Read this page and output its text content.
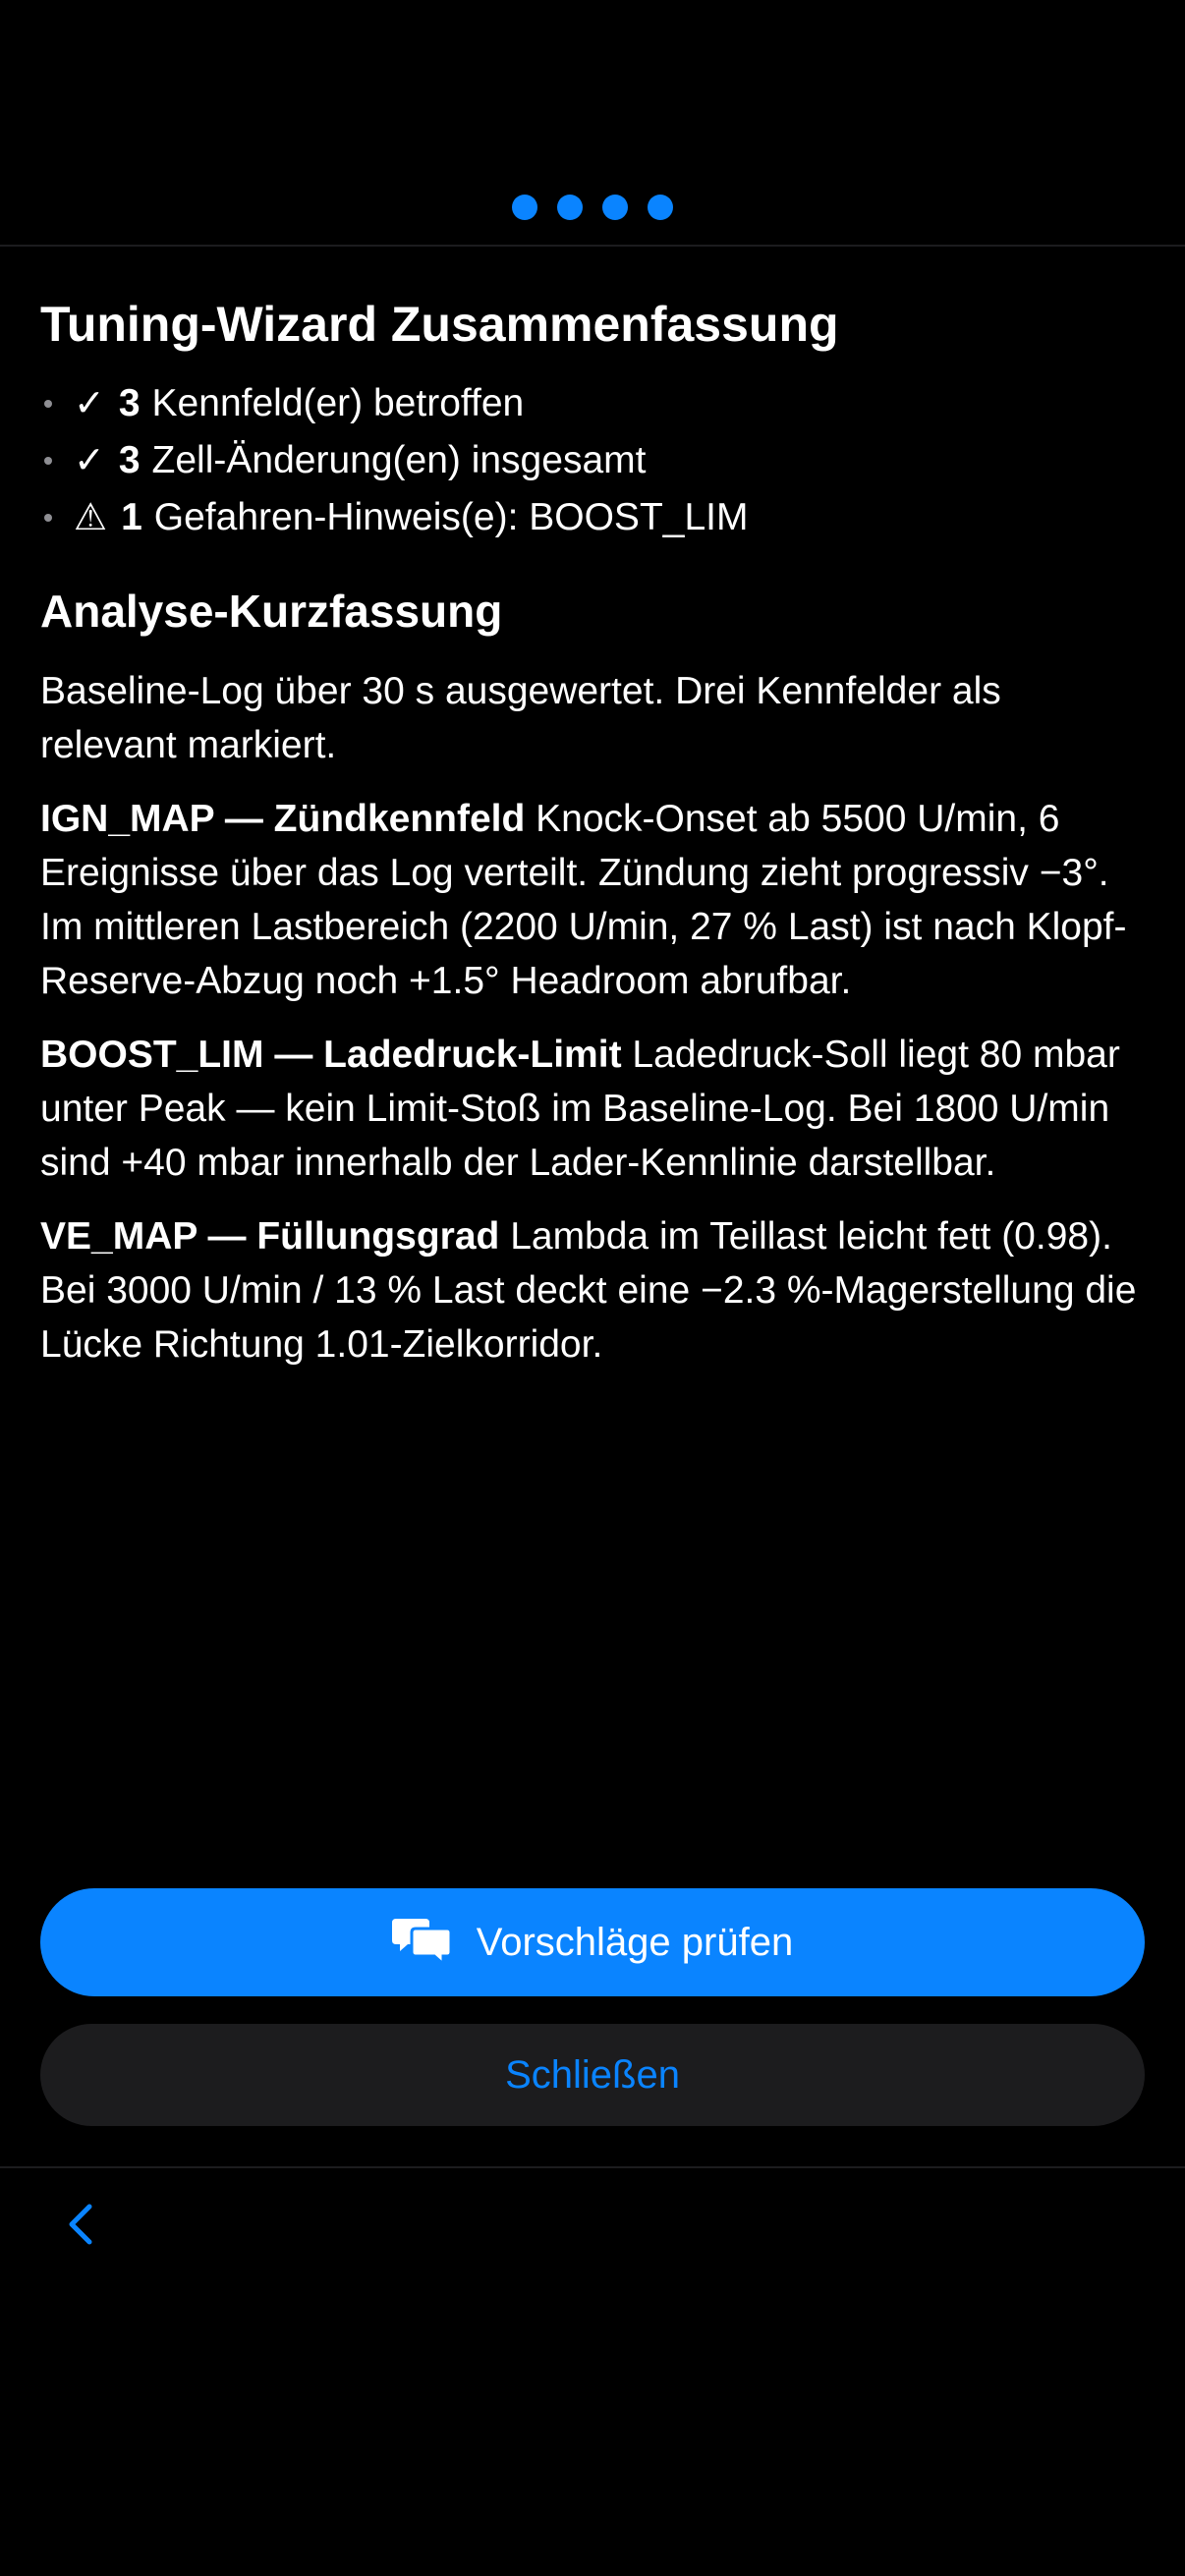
Tuning-Wizard Zusammenfassung
✓ 3 Kennfeld(er) betroffen
✓ 3 Zell-Änderung(en) insgesamt
⚠ 1 Gefahren-Hinweis(e): BOOST_LIM
Analyse-Kurzfassung

Baseline-Log über 30 s ausgewertet. Drei Kennfelder als relevant markiert.

IGN_MAP — Zündkennfeld Knock-Onset ab 5500 U/min, 6 Ereignisse über das Log verteilt. Zündung zieht progressiv −3°. Im mittleren Lastbereich (2200 U/min, 27 % Last) ist nach Klopf-Reserve-Abzug noch +1.5° Headroom abrufbar.

BOOST_LIM — Ladedruck-Limit Ladedruck-Soll liegt 80 mbar unter Peak — kein Limit-Stoß im Baseline-Log. Bei 1800 U/min sind +40 mbar innerhalb der Lader-Kennlinie darstellbar.

VE_MAP — Füllungsgrad Lambda im Teillast leicht fett (0.98). Bei 3000 U/min / 13 % Last deckt eine −2.3 %-Magerstellung die Lücke Richtung 1.01-Zielkorridor.

Vorschläge prüfen
Schließen
